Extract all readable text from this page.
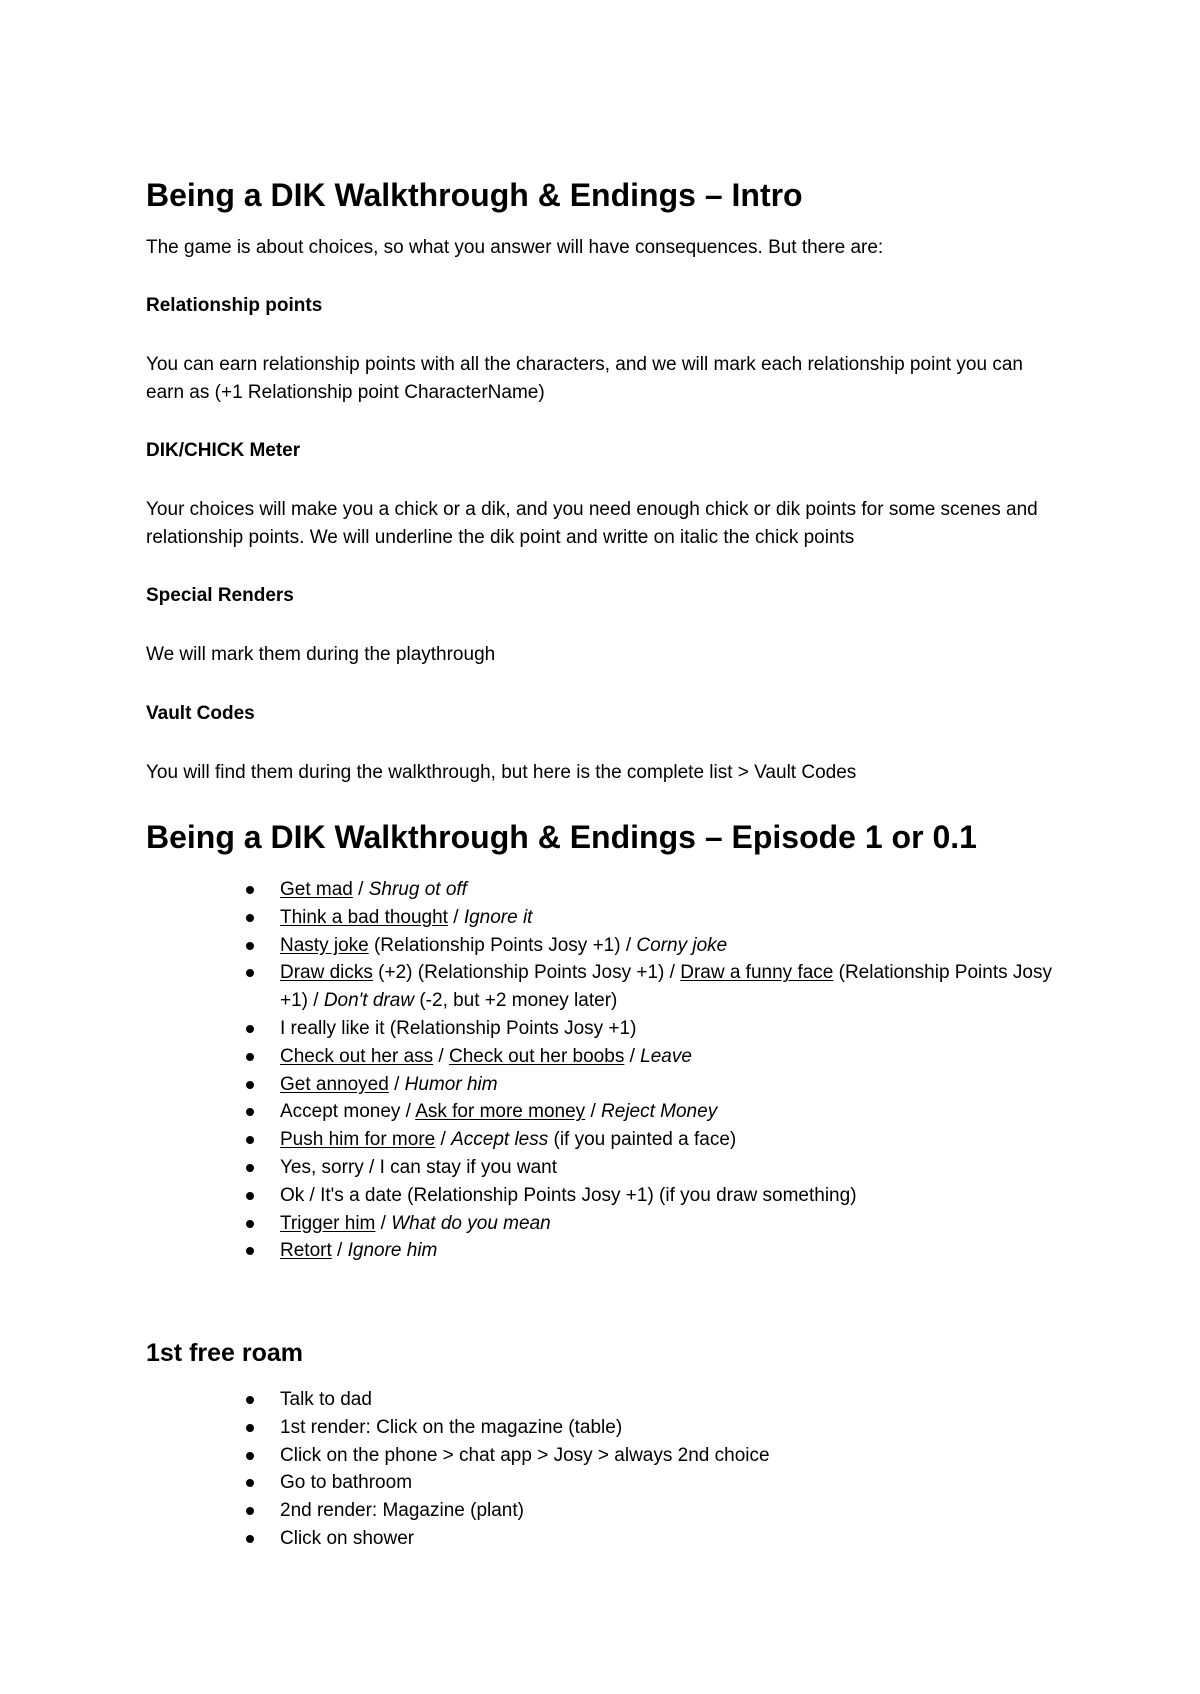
Being a DIK Walkthrough & Endings – Intro

The game is about choices, so what you answer will have consequences. But there are:

Relationship points

You can earn relationship points with all the characters, and we will mark each relationship point you can earn as (+1 Relationship point CharacterName)

DIK/CHICK Meter

Your choices will make you a chick or a dik, and you need enough chick or dik points for some scenes and relationship points. We will underline the dik point and writte on italic the chick points

Special Renders

We will mark them during the playthrough

Vault Codes

You will find them during the walkthrough, but here is the complete list > Vault Codes

Being a DIK Walkthrough & Endings – Episode 1 or 0.1
Get mad / Shrug ot off
Think a bad thought / Ignore it
Nasty joke (Relationship Points Josy +1) / Corny joke
Draw dicks (+2) (Relationship Points Josy +1) / Draw a funny face (Relationship Points Josy +1) / Don't draw (-2, but +2 money later)
I really like it (Relationship Points Josy +1)
Check out her ass / Check out her boobs / Leave
Get annoyed / Humor him
Accept money / Ask for more money / Reject Money
Push him for more / Accept less (if you painted a face)
Yes, sorry / I can stay if you want
Ok / It's a date (Relationship Points Josy +1) (if you draw something)
Trigger him / What do you mean
Retort / Ignore him
1st free roam
Talk to dad
1st render: Click on the magazine (table)
Click on the phone > chat app > Josy > always 2nd choice
Go to bathroom
2nd render: Magazine (plant)
Click on shower
